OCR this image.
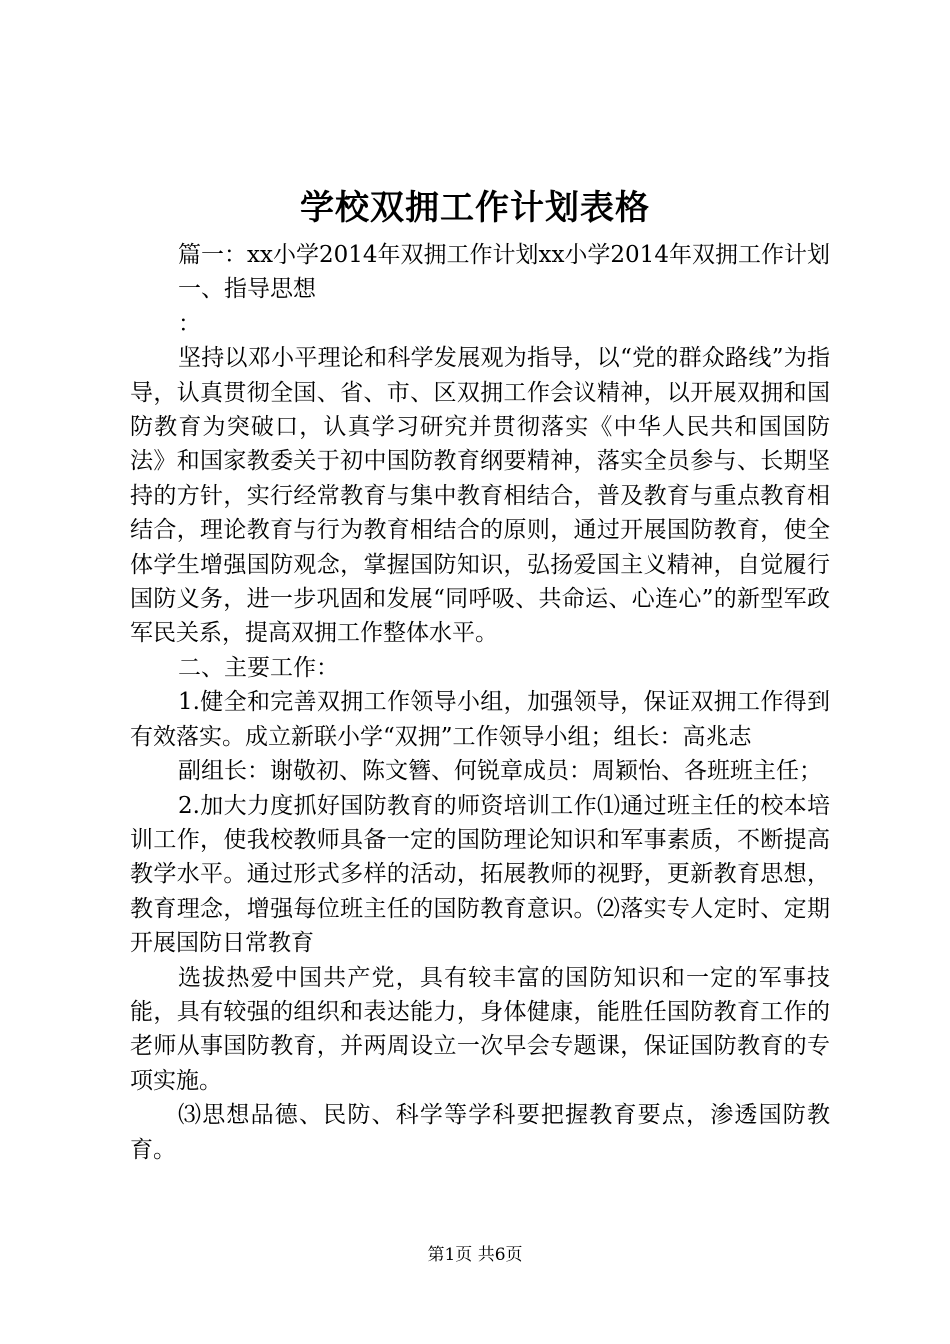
学校双拥工作计划表格

篇一：xx小学2014年双拥工作计划xx小学2014年双拥工作计划

一、指导思想

：

坚持以邓小平理论和科学发展观为指导，以“党的群众路线”为指导，认真贯彻全国、省、市、区双拥工作会议精神，以开展双拥和国防教育为突破口，认真学习研究并贯彻落实《中华人民共和国国防法》和国家教委关于初中国防教育纲要精神，落实全员参与、长期坚持的方针，实行经常教育与集中教育相结合，普及教育与重点教育相结合，理论教育与行为教育相结合的原则，通过开展国防教育，使全体学生增强国防观念，掌握国防知识，弘扬爱国主义精神，自觉履行国防义务，进一步巩固和发展“同呼吸、共命运、心连心”的新型军政军民关系，提高双拥工作整体水平。

二、主要工作：

1.健全和完善双拥工作领导小组，加强领导，保证双拥工作得到有效落实。成立新联小学“双拥”工作领导小组；组长：高兆志

副组长：谢敬初、陈文簪、何锐章成员：周颖怡、各班班主任；

2.加大力度抓好国防教育的师资培训工作⑴通过班主任的校本培训工作，使我校教师具备一定的国防理论知识和军事素质，不断提高教学水平。通过形式多样的活动，拓展教师的视野，更新教育思想，教育理念，增强每位班主任的国防教育意识。⑵落实专人定时、定期开展国防日常教育

选拔热爱中国共产党，具有较丰富的国防知识和一定的军事技能，具有较强的组织和表达能力，身体健康，能胜任国防教育工作的老师从事国防教育，并两周设立一次早会专题课，保证国防教育的专项实施。

⑶思想品德、民防、科学等学科要把握教育要点，渗透国防教育。

第1页 共6页
